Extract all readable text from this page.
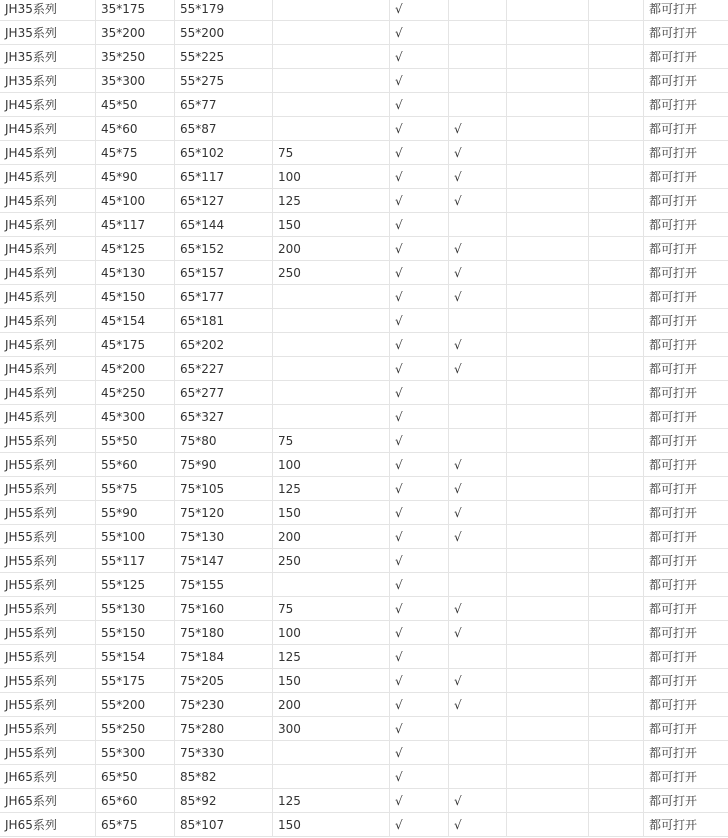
JH35系列	35*175	55*179		√				都可打开
JH35系列	35*200	55*200		√				都可打开
JH35系列	35*250	55*225		√				都可打开
JH35系列	35*300	55*275		√				都可打开
JH45系列	45*50	65*77		√				都可打开
JH45系列	45*60	65*87		√	√			都可打开
JH45系列	45*75	65*102	75	√	√			都可打开
JH45系列	45*90	65*117	100	√	√			都可打开
JH45系列	45*100	65*127	125	√	√			都可打开
JH45系列	45*117	65*144	150	√				都可打开
JH45系列	45*125	65*152	200	√	√			都可打开
JH45系列	45*130	65*157	250	√	√			都可打开
JH45系列	45*150	65*177		√	√			都可打开
JH45系列	45*154	65*181		√				都可打开
JH45系列	45*175	65*202		√	√			都可打开
JH45系列	45*200	65*227		√	√			都可打开
JH45系列	45*250	65*277		√				都可打开
JH45系列	45*300	65*327		√				都可打开
JH55系列	55*50	75*80	75	√				都可打开
JH55系列	55*60	75*90	100	√	√			都可打开
JH55系列	55*75	75*105	125	√	√			都可打开
JH55系列	55*90	75*120	150	√	√			都可打开
JH55系列	55*100	75*130	200	√	√			都可打开
JH55系列	55*117	75*147	250	√				都可打开
JH55系列	55*125	75*155		√				都可打开
JH55系列	55*130	75*160	75	√	√			都可打开
JH55系列	55*150	75*180	100	√	√			都可打开
JH55系列	55*154	75*184	125	√				都可打开
JH55系列	55*175	75*205	150	√	√			都可打开
JH55系列	55*200	75*230	200	√	√			都可打开
JH55系列	55*250	75*280	300	√				都可打开
JH55系列	55*300	75*330		√				都可打开
JH65系列	65*50	85*82		√				都可打开
JH65系列	65*60	85*92	125	√	√			都可打开
JH65系列	65*75	85*107	150	√	√			都可打开
